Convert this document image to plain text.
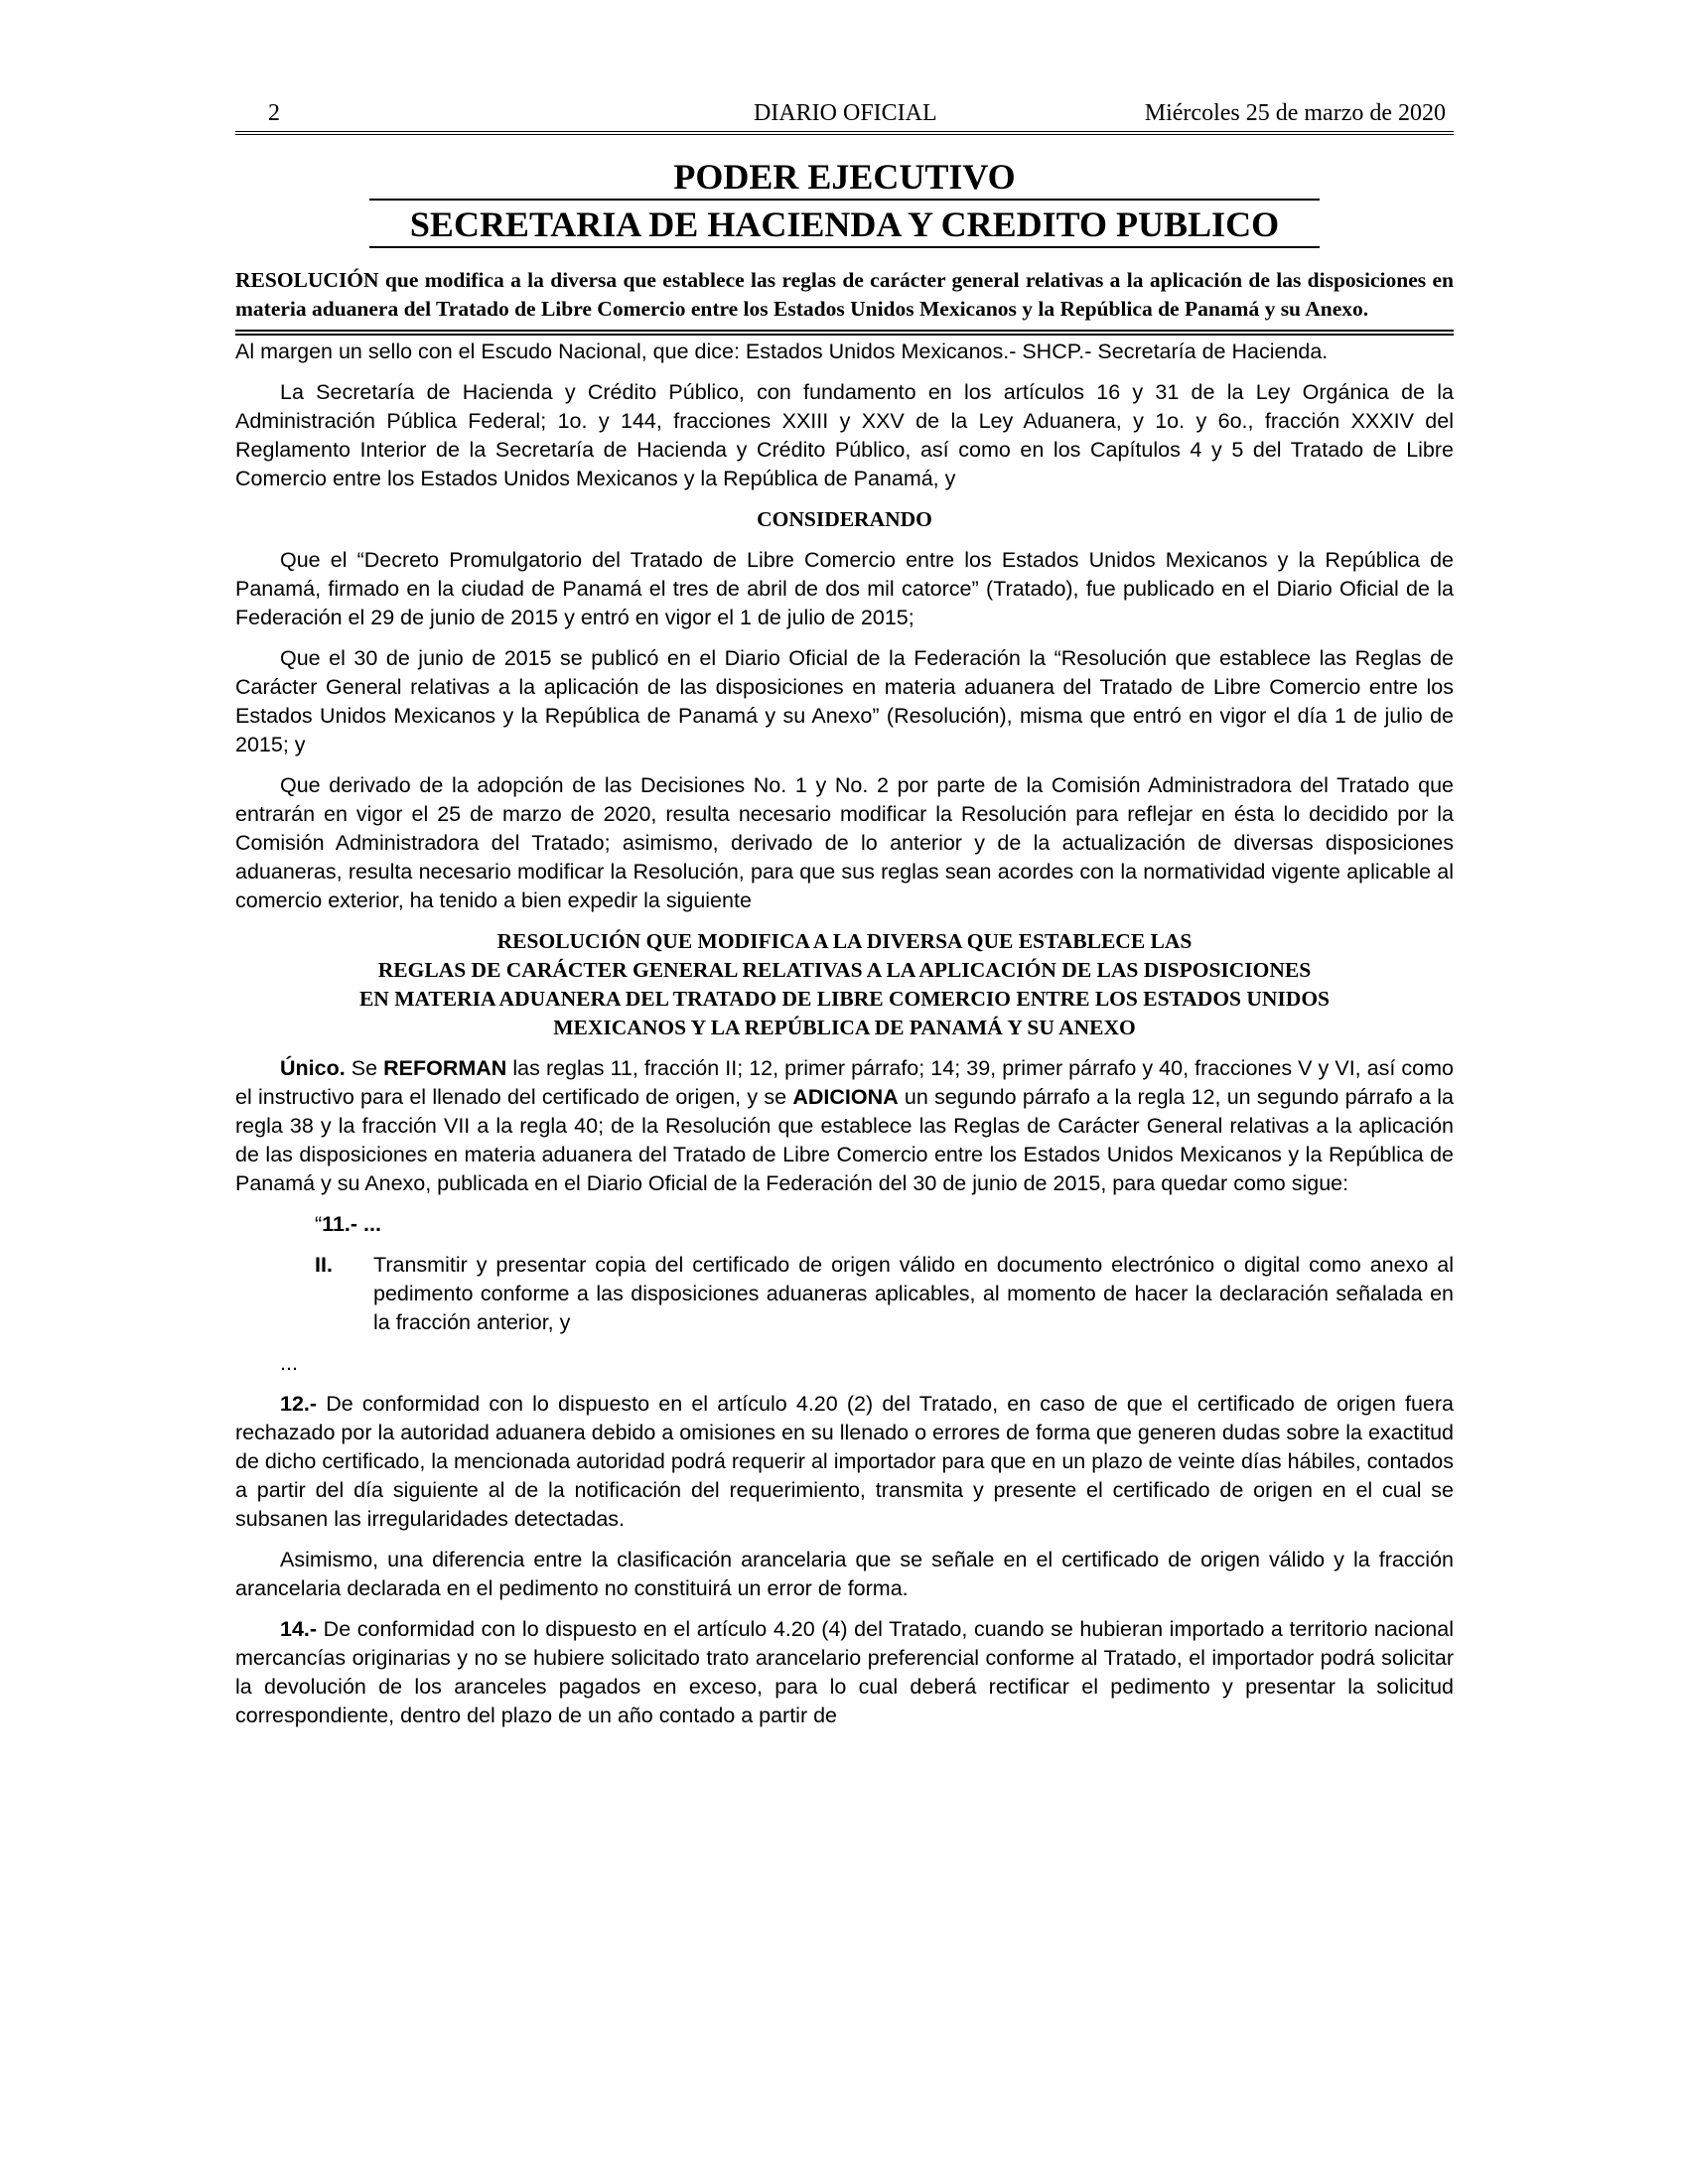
2	DIARIO OFICIAL	Miércoles 25 de marzo de 2020
PODER EJECUTIVO
SECRETARIA DE HACIENDA Y CREDITO PUBLICO
RESOLUCIÓN que modifica a la diversa que establece las reglas de carácter general relativas a la aplicación de las disposiciones en materia aduanera del Tratado de Libre Comercio entre los Estados Unidos Mexicanos y la República de Panamá y su Anexo.

Al margen un sello con el Escudo Nacional, que dice: Estados Unidos Mexicanos.- SHCP.- Secretaría de Hacienda.

La Secretaría de Hacienda y Crédito Público, con fundamento en los artículos 16 y 31 de la Ley Orgánica de la Administración Pública Federal; 1o. y 144, fracciones XXIII y XXV de la Ley Aduanera, y 1o. y 6o., fracción XXXIV del Reglamento Interior de la Secretaría de Hacienda y Crédito Público, así como en los Capítulos 4 y 5 del Tratado de Libre Comercio entre los Estados Unidos Mexicanos y la República de Panamá, y

CONSIDERANDO

Que el “Decreto Promulgatorio del Tratado de Libre Comercio entre los Estados Unidos Mexicanos y la República de Panamá, firmado en la ciudad de Panamá el tres de abril de dos mil catorce” (Tratado), fue publicado en el Diario Oficial de la Federación el 29 de junio de 2015 y entró en vigor el 1 de julio de 2015;

Que el 30 de junio de 2015 se publicó en el Diario Oficial de la Federación la “Resolución que establece las Reglas de Carácter General relativas a la aplicación de las disposiciones en materia aduanera del Tratado de Libre Comercio entre los Estados Unidos Mexicanos y la República de Panamá y su Anexo” (Resolución), misma que entró en vigor el día 1 de julio de 2015; y

Que derivado de la adopción de las Decisiones No. 1 y No. 2 por parte de la Comisión Administradora del Tratado que entrarán en vigor el 25 de marzo de 2020, resulta necesario modificar la Resolución para reflejar en ésta lo decidido por la Comisión Administradora del Tratado; asimismo, derivado de lo anterior y de la actualización de diversas disposiciones aduaneras, resulta necesario modificar la Resolución, para que sus reglas sean acordes con la normatividad vigente aplicable al comercio exterior, ha tenido a bien expedir la siguiente

RESOLUCIÓN QUE MODIFICA A LA DIVERSA QUE ESTABLECE LAS
REGLAS DE CARÁCTER GENERAL RELATIVAS A LA APLICACIÓN DE LAS DISPOSICIONES
EN MATERIA ADUANERA DEL TRATADO DE LIBRE COMERCIO ENTRE LOS ESTADOS UNIDOS
MEXICANOS Y LA REPÚBLICA DE PANAMÁ Y SU ANEXO

Único. Se REFORMAN las reglas 11, fracción II; 12, primer párrafo; 14; 39, primer párrafo y 40, fracciones V y VI, así como el instructivo para el llenado del certificado de origen, y se ADICIONA un segundo párrafo a la regla 12, un segundo párrafo a la regla 38 y la fracción VII a la regla 40; de la Resolución que establece las Reglas de Carácter General relativas a la aplicación de las disposiciones en materia aduanera del Tratado de Libre Comercio entre los Estados Unidos Mexicanos y la República de Panamá y su Anexo, publicada en el Diario Oficial de la Federación del 30 de junio de 2015, para quedar como sigue:

“11.- ...

II.	Transmitir y presentar copia del certificado de origen válido en documento electrónico o digital como anexo al pedimento conforme a las disposiciones aduaneras aplicables, al momento de hacer la declaración señalada en la fracción anterior, y

...

12.- De conformidad con lo dispuesto en el artículo 4.20 (2) del Tratado, en caso de que el certificado de origen fuera rechazado por la autoridad aduanera debido a omisiones en su llenado o errores de forma que generen dudas sobre la exactitud de dicho certificado, la mencionada autoridad podrá requerir al importador para que en un plazo de veinte días hábiles, contados a partir del día siguiente al de la notificación del requerimiento, transmita y presente el certificado de origen en el cual se subsanen las irregularidades detectadas.

Asimismo, una diferencia entre la clasificación arancelaria que se señale en el certificado de origen válido y la fracción arancelaria declarada en el pedimento no constituirá un error de forma.

14.- De conformidad con lo dispuesto en el artículo 4.20 (4) del Tratado, cuando se hubieran importado a territorio nacional mercancías originarias y no se hubiere solicitado trato arancelario preferencial conforme al Tratado, el importador podrá solicitar la devolución de los aranceles pagados en exceso, para lo cual deberá rectificar el pedimento y presentar la solicitud correspondiente, dentro del plazo de un año contado a partir de
